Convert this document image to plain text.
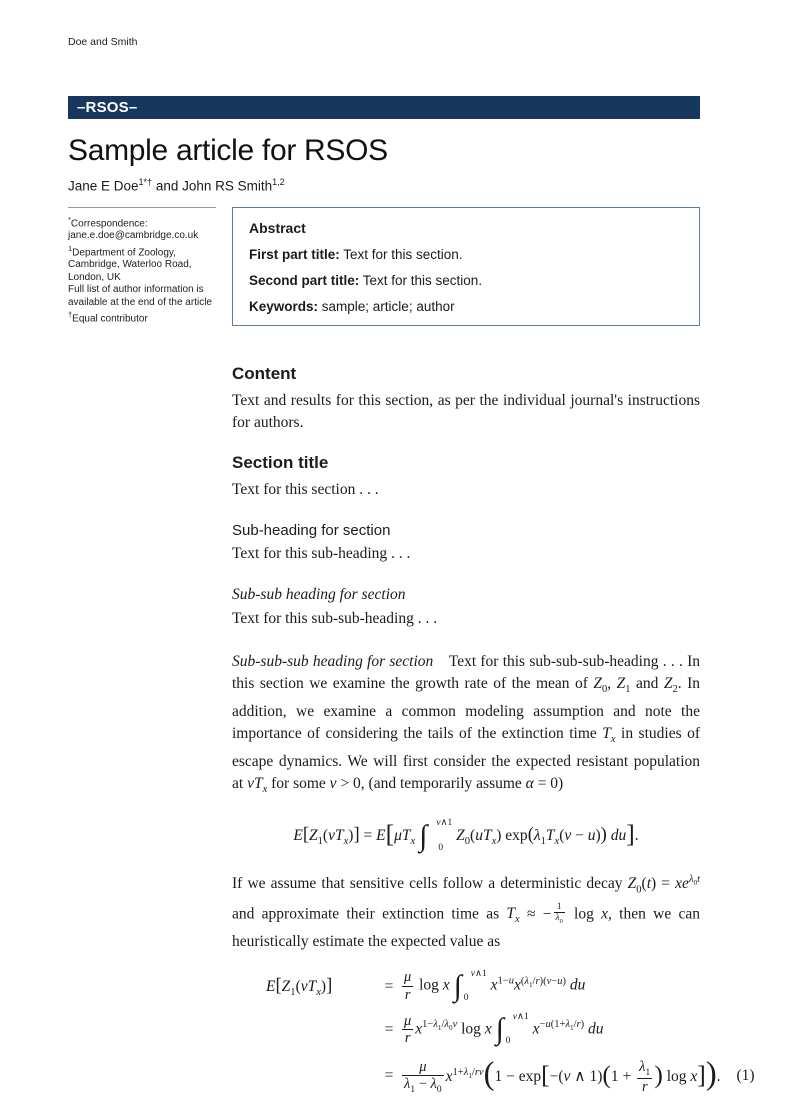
Doe and Smith
–RSOS–
Sample article for RSOS
Jane E Doe$^{1*\dagger}$ and John RS Smith$^{1,2}$
*Correspondence:
jane.e.doe@cambridge.co.uk
$^1$Department of Zoology,
Cambridge, Waterloo Road,
London, UK
Full list of author information is
available at the end of the article
†Equal contributor
Abstract

First part title: Text for this section.

Second part title: Text for this section.

Keywords: sample; article; author

Content

Text and results for this section, as per the individual journal's instructions for authors.

Section title

Text for this section . . .

Sub-heading for section

Text for this sub-heading . . .

Sub-sub heading for section

Text for this sub-sub-heading . . .

Sub-sub-sub heading for section Text for this sub-sub-sub-heading . . . In this section we examine the growth rate of the mean of $Z_0$, $Z_1$ and $Z_2$. In addition, we examine a common modeling assumption and note the importance of considering the tails of the extinction time $T_x$ in studies of escape dynamics. We will first consider the expected resistant population at $vT_x$ for some v > 0, (and temporarily assume α = 0)

$E[Z_1(vT_x)] = E[\mu T_x$ ∫ v∧1
0
$Z_0(uT_x) \exp(\lambda_1T_x(v - u))$ du].

If we assume that sensitive cells follow a deterministic decay $Z_0(t) = xe^{\lambda_0t}$ and approximate their extinction time as $T_x$ ≈ − $\frac{1}{\lambda_0}$ log x, then we can heuristically estimate the expected value as

$E[Z_1(vT_x)]$	= $\frac{\mu}{r}$ log x ∫ v∧1
0
$x^{1-u}x^{(\lambda_1/r)(v-u)}$ du
= $\frac{\mu}{r} x^{1-\lambda_1/\lambda_0v}$ log x ∫ v∧1
0
$x^{-u(1+\lambda_1/r)}$ du
= $\frac{\mu}{\lambda_1 - \lambda_0} x^{1+\lambda_1/rv}(1 - \exp[-(v$ ∧ $1)(1 + \frac{\lambda_1}{r}$ ) log x]).	(1)
